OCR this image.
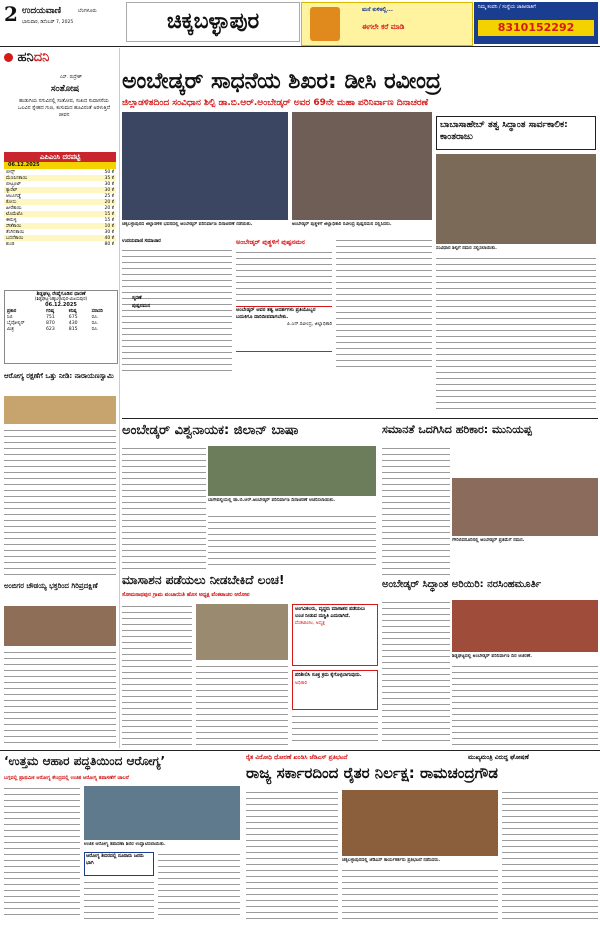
2 ಉದಯವಾಣಿ	ಬೆಂಗಳೂರು
ಭಾನುವಾರ, ಡಿಸೆಂಬರ್ 7, 2025	ಚಿಕ್ಕಬಳ್ಳಾಪುರ	ಮನೆ ಕುಳಿತಲ್ಲಿ...
ಈಗಲೇ ಕರೆ ಮಾಡಿ
ನಿಮ್ಮ ಕಂಪನಿ / ಸಂಸ್ಥೆಯ ಜಾಹೀರಾತಿಗೆ
8310152292
ಹನಿದನಿ
ಎಸ್. ರುದ್ರೇಶ್
ಸಂತೋಷ
ಹುಡುಗಿಯ ನಗುವಿನಲ್ಲಿ ಸಂತೋಷ, ಸುಖದ ಸುವಾಸನೆಯ ಒಲವಿನ ಸ್ನೇಹದ ಗುಣ, ಕುಸುಮದ ಹೂವಿನಂತೆ ಅರಳುತ್ತಿದೆ ಜೀವನ
ಎಪಿಎಂಸಿ ದರಪಟ್ಟಿ
06.12.2025
ಬೀನ್ಸ್	50 ಕೆ
ಮೆಣಸಿನಕಾಯಿ	35 ಕೆ
ಬೀಟ್ರೂಟ್	30 ಕೆ
ಕ್ಯಾರೆಟ್	30 ಕೆ
ಆಲೂಗಡ್ಡೆ	25 ಕೆ
ಕೋಸು	20 ಕೆ
ಹೀರೆಕಾಯಿ	20 ಕೆ
ಟೊಮೆಟೊ	15 ಕೆ
ಈರುಳ್ಳಿ	15 ಕೆ
ಸೌತೆಕಾಯಿ	10 ಕೆ
ತೆಂಗಿನಕಾಯಿ	30 ಕೆ
ಬದನೆಕಾಯಿ	40 ಕೆ
ಶುಂಠಿ	80 ಕೆ
ಶಿಡ್ಲಘಟ್ಟ ರೇಷ್ಮೆಗೂಡಿನ ಧಾರಣೆ
(ಶಿಡ್ಲಘಟ್ಟ-ಚಿಕ್ಕಬಳ್ಳಾಪುರ-ವಿಜಯಪುರ)
06.12.2025
ಪ್ರಕಾರ	ಗರಿಷ್ಠ	ಕನಿಷ್ಠ	ಸರಾಸರಿ
ಸಿಬಿ	751	675	ರೂ.
ಬೈವೋಲ್ಟಿನ್	870	430	ರೂ.
ಮಿಶ್ರ	623	815	ರೂ.
ಆರೋಗ್ಯ ರಕ್ಷಣೆಗೆ ಒತ್ತು ನೀಡಿ: ನಾರಾಯಣಸ್ವಾಮಿ
ಅಂಬಿಗರ ಚೌಡಯ್ಯ ಭಕ್ತರಿಂದ ಗಿರಿಪ್ರದಕ್ಷಿಣೆ
ಅಂಬೇಡ್ಕರ್ ಸಾಧನೆಯ ಶಿಖರ: ಡೀಸಿ ರವೀಂದ್ರ
ಜಿಲ್ಲಾಡಳಿತದಿಂದ ಸಂವಿಧಾನ ಶಿಲ್ಪಿ ಡಾ.ಬಿ.ಆರ್.ಅಂಬೇಡ್ಕರ್‌ ಅವರ 69ನೇ ಮಹಾ ಪರಿನಿರ್ವಾಣ ದಿನಾಚರಣೆ
ಚಿಕ್ಕಬಳ್ಳಾಪುರದ ಜಿಲ್ಲಾಡಳಿತ ಭವನದಲ್ಲಿ ಅಂಬೇಡ್ಕರ್ ಪರಿನಿರ್ವಾಣ ದಿನಾಚರಣೆ ನಡೆಯಿತು.	ಅಂಬೇಡ್ಕರ್ ಪುತ್ಥಳಿಗೆ ಜಿಲ್ಲಾಧಿಕಾರಿ ರವೀಂದ್ರ ಪುಷ್ಪನಮನ ಸಲ್ಲಿಸಿದರು.
ಉದಯವಾಣಿ ಸಮಾಚಾರ
ಸ್ಮರಣೆ
ಪುಷ್ಪನಮನ
ಅಂಬೇಡ್ಕರ್ ಪುತ್ಥಳಿಗೆ ಪುಷ್ಪನಮನ
ಅಂಬೇಡ್ಕರ್ ಅವರ ತತ್ವ ಆದರ್ಶಗಳು ಪ್ರತಿಯೊಬ್ಬರ ಬದುಕಿಗೂ ದಾರಿದೀಪವಾಗಬೇಕು.
ಪಿ.ಎನ್.ರವೀಂದ್ರ, ಜಿಲ್ಲಾಧಿಕಾರಿ
ಬಾಬಾಸಾಹೇಬ್ ತತ್ವ ಸಿದ್ಧಾಂತ ಸಾರ್ವಕಾಲಿಕ: ಕಾಂತರಾಜು
ಸಂವಿಧಾನ ಶಿಲ್ಪಿಗೆ ನಮನ ಸಲ್ಲಿಸಲಾಯಿತು.
ಅಂಬೇಡ್ಕರ್‌ ವಿಶ್ವನಾಯಕ: ಜಿಲಾನ್‌ ಬಾಷಾ
ಬಾಗೇಪಲ್ಲಿಯಲ್ಲಿ ಡಾ.ಬಿ.ಆರ್.ಅಂಬೇಡ್ಕರ್ ಪರಿನಿರ್ವಾಣ ದಿನಾಚರಣೆ ಆಚರಿಸಲಾಯಿತು.
ಸಮಾನತೆ ಒದಗಿಸಿದ ಹರಿಕಾರ: ಮುನಿಯಪ್ಪ
ಗೌರಿಬಿದನೂರಿನಲ್ಲಿ ಅಂಬೇಡ್ಕರ್ ಪ್ರತಿಮೆಗೆ ನಮನ.
ಮಾಸಾಶನ ಪಡೆಯಲು ನೀಡಬೇಕಿದೆ ಲಂಚ!
ಸೋಮನಾಥಪುರ ಗ್ರಾಮ ಪಂಚಾಯಿತಿ ಹೊಸ ಅಧ್ಯಕ್ಷ ವೆಂಕಟಾಚಲ ಆರೋಪ
ಅಂಗವಿಕಲರು, ವೃದ್ಧರು ಮಾಸಾಶನ ಪಡೆಯಲು ಲಂಚ ನೀಡುವ ದುಸ್ಥಿತಿ ಎದುರಾಗಿದೆ.
ವೆಂಕಟಾಚಲ, ಅಧ್ಯಕ್ಷ
ಪರಿಶೀಲಿಸಿ ಸೂಕ್ತ ಕ್ರಮ ಕೈಗೊಳ್ಳಲಾಗುವುದು.
ಅಧಿಕಾರಿ
ಅಂಬೇಡ್ಕರ್‌ ಸಿದ್ಧಾಂತ ಅರಿಯಿರಿ: ನರಸಿಂಹಮೂರ್ತಿ
ಶಿಡ್ಲಘಟ್ಟದಲ್ಲಿ ಅಂಬೇಡ್ಕರ್ ಪರಿನಿರ್ವಾಣ ದಿನ ಆಚರಣೆ.
‘ಉತ್ತಮ ಆಹಾರ ಪದ್ಧತಿಯಿಂದ ಆರೋಗ್ಯ’
ಬಗ್ಗವಲ್ಲಿ ಪ್ರಾಥಮಿಕ ಆರೋಗ್ಯ ಕೇಂದ್ರದಲ್ಲಿ ಉಚಿತ ಆರೋಗ್ಯ ತಪಾಸಣೆಗೆ ಚಾಲನೆ
ಉಚಿತ ಆರೋಗ್ಯ ತಪಾಸಣಾ ಶಿಬಿರ ಉದ್ಘಾಟಿಸಲಾಯಿತು.
ಆರೋಗ್ಯ ಶಿಬಿರದಲ್ಲಿ ನೂರಾರು ಜನರು ಭಾಗಿ
ರೈತ ವಿರೋಧಿ ಧೋರಣೆ ಖಂಡಿಸಿ ಜೆಡಿಎಸ್ ಪ್ರತಿಭಟನೆ	ಮುಖ್ಯಮಂತ್ರಿ ವಿರುದ್ಧ ಘೋಷಣೆ
ರಾಜ್ಯ ಸರ್ಕಾರದಿಂದ ರೈತರ ನಿರ್ಲಕ್ಷ: ರಾಮಚಂದ್ರಗೌಡ
ಚಿಕ್ಕಬಳ್ಳಾಪುರದಲ್ಲಿ ಜೆಡಿಎಸ್ ಕಾರ್ಯಕರ್ತರು ಪ್ರತಿಭಟನೆ ನಡೆಸಿದರು.
